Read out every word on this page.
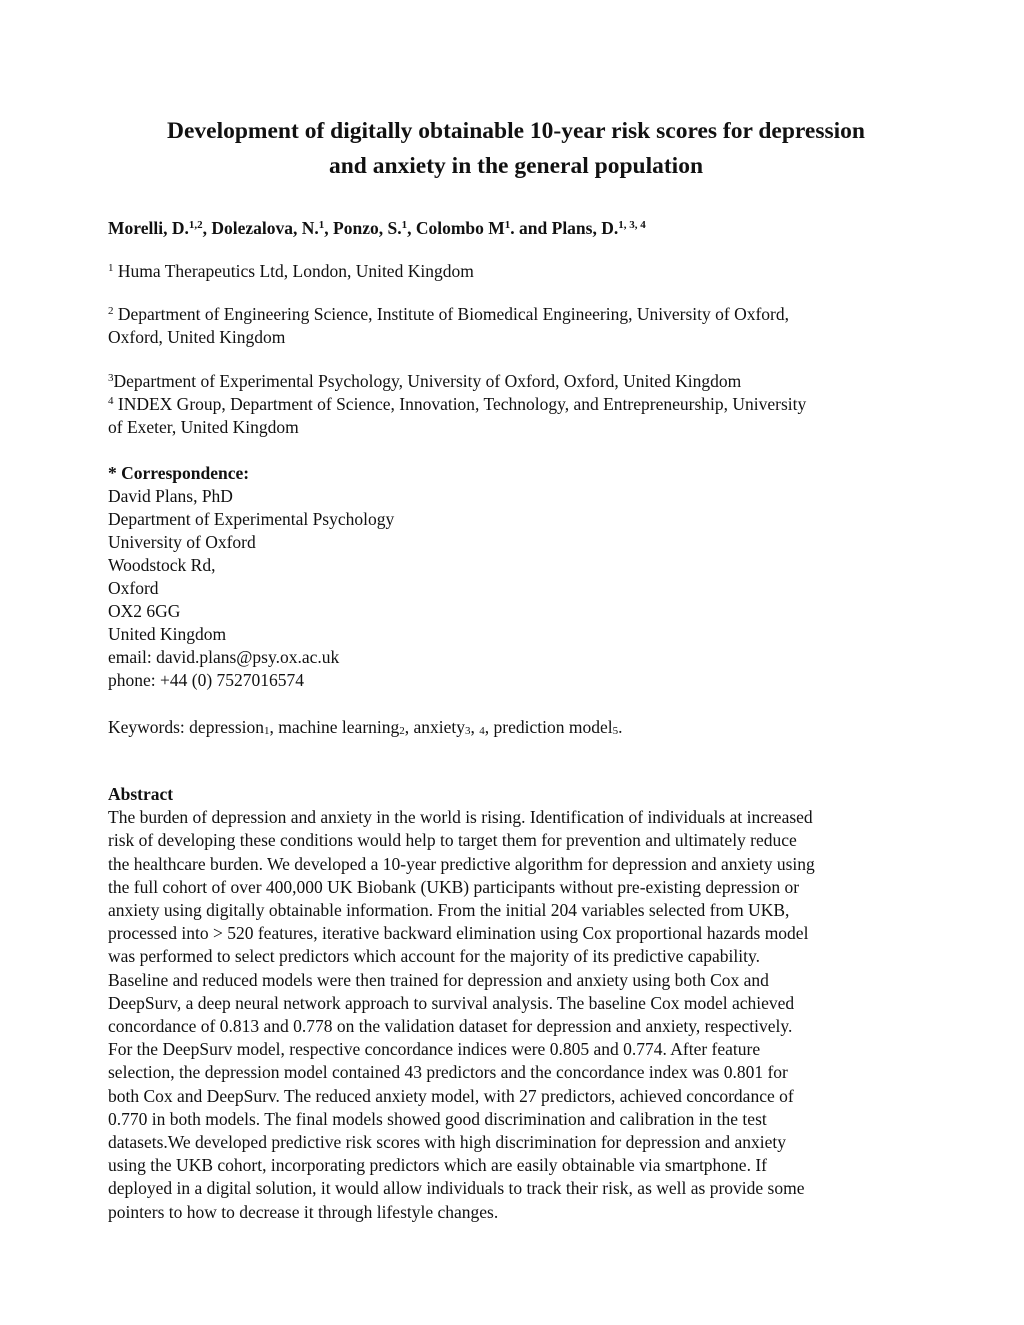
Development of digitally obtainable 10-year risk scores for depression
and anxiety in the general population
Morelli, D.$^{1,2}$, Dolezalova, N.$^1$, Ponzo, S.$^1$, Colombo $M^1$. and Plans, D.$^{1, 3, 4}$
$^1$ Huma Therapeutics Ltd, London, United Kingdom
$^2$ Department of Engineering Science, Institute of Biomedical Engineering, University of Oxford,
Oxford, United Kingdom
$^3$Department of Experimental Psychology, University of Oxford, Oxford, United Kingdom
$^4$ INDEX Group, Department of Science, Innovation, Technology, and Entrepreneurship, University
of Exeter, United Kingdom
* Correspondence:
David Plans, PhD
Department of Experimental Psychology
University of Oxford
Woodstock Rd,
Oxford
OX2 6GG
United Kingdom
email: david.plans@psy.ox.ac.uk
phone: +44 (0) 7527016574
Keywords: depression$_1$, machine learning$_2$, anxiety$_3$, $_4$, prediction model$_5$.
Abstract
The burden of depression and anxiety in the world is rising. Identification of individuals at increased
risk of developing these conditions would help to target them for prevention and ultimately reduce
the healthcare burden. We developed a 10-year predictive algorithm for depression and anxiety using
the full cohort of over 400,000 UK Biobank (UKB) participants without pre-existing depression or
anxiety using digitally obtainable information. From the initial 204 variables selected from UKB,
processed into > 520 features, iterative backward elimination using Cox proportional hazards model
was performed to select predictors which account for the majority of its predictive capability.
Baseline and reduced models were then trained for depression and anxiety using both Cox and
DeepSurv, a deep neural network approach to survival analysis. The baseline Cox model achieved
concordance of 0.813 and 0.778 on the validation dataset for depression and anxiety, respectively.
For the DeepSurv model, respective concordance indices were 0.805 and 0.774. After feature
selection, the depression model contained 43 predictors and the concordance index was 0.801 for
both Cox and DeepSurv. The reduced anxiety model, with 27 predictors, achieved concordance of
0.770 in both models. The final models showed good discrimination and calibration in the test
datasets.We developed predictive risk scores with high discrimination for depression and anxiety
using the UKB cohort, incorporating predictors which are easily obtainable via smartphone. If
deployed in a digital solution, it would allow individuals to track their risk, as well as provide some
pointers to how to decrease it through lifestyle changes.
